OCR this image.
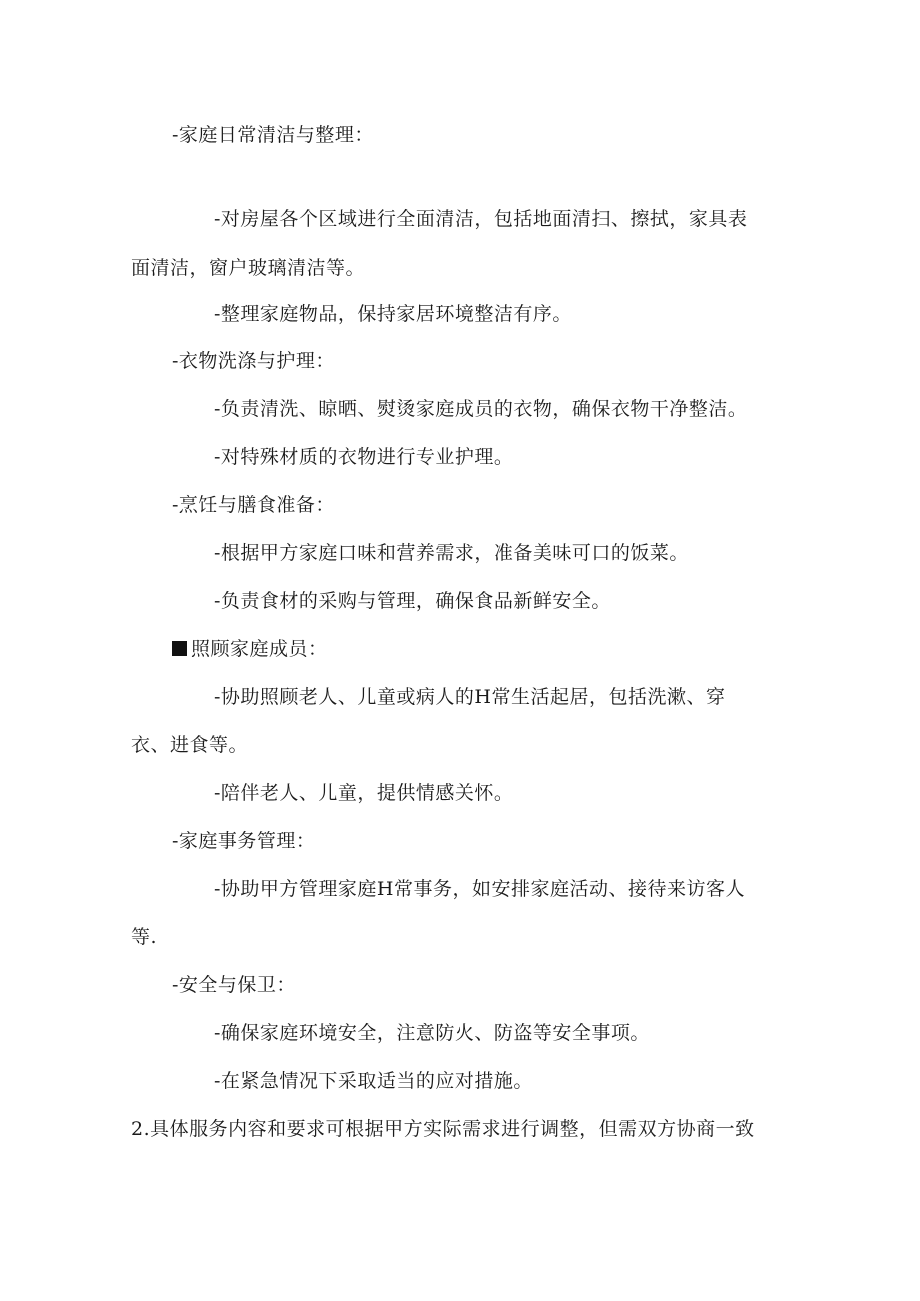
-家庭日常清洁与整理：
-对房屋各个区域进行全面清洁，包括地面清扫、擦拭，家具表
面清洁，窗户玻璃清洁等。
-整理家庭物品，保持家居环境整洁有序。
-衣物洗涤与护理：
-负责清洗、晾晒、熨烫家庭成员的衣物，确保衣物干净整洁。
-对特殊材质的衣物进行专业护理。
-烹饪与膳食准备：
-根据甲方家庭口味和营养需求，准备美味可口的饭菜。
-负责食材的采购与管理，确保食品新鲜安全。
照顾家庭成员：
-协助照顾老人、儿童或病人的H常生活起居，包括洗漱、穿
衣、进食等。
-陪伴老人、儿童，提供情感关怀。
-家庭事务管理：
-协助甲方管理家庭H常事务，如安排家庭活动、接待来访客人
等.
-安全与保卫：
-确保家庭环境安全，注意防火、防盗等安全事项。
-在紧急情况下采取适当的应对措施。
2.具体服务内容和要求可根据甲方实际需求进行调整，但需双方协商一致
